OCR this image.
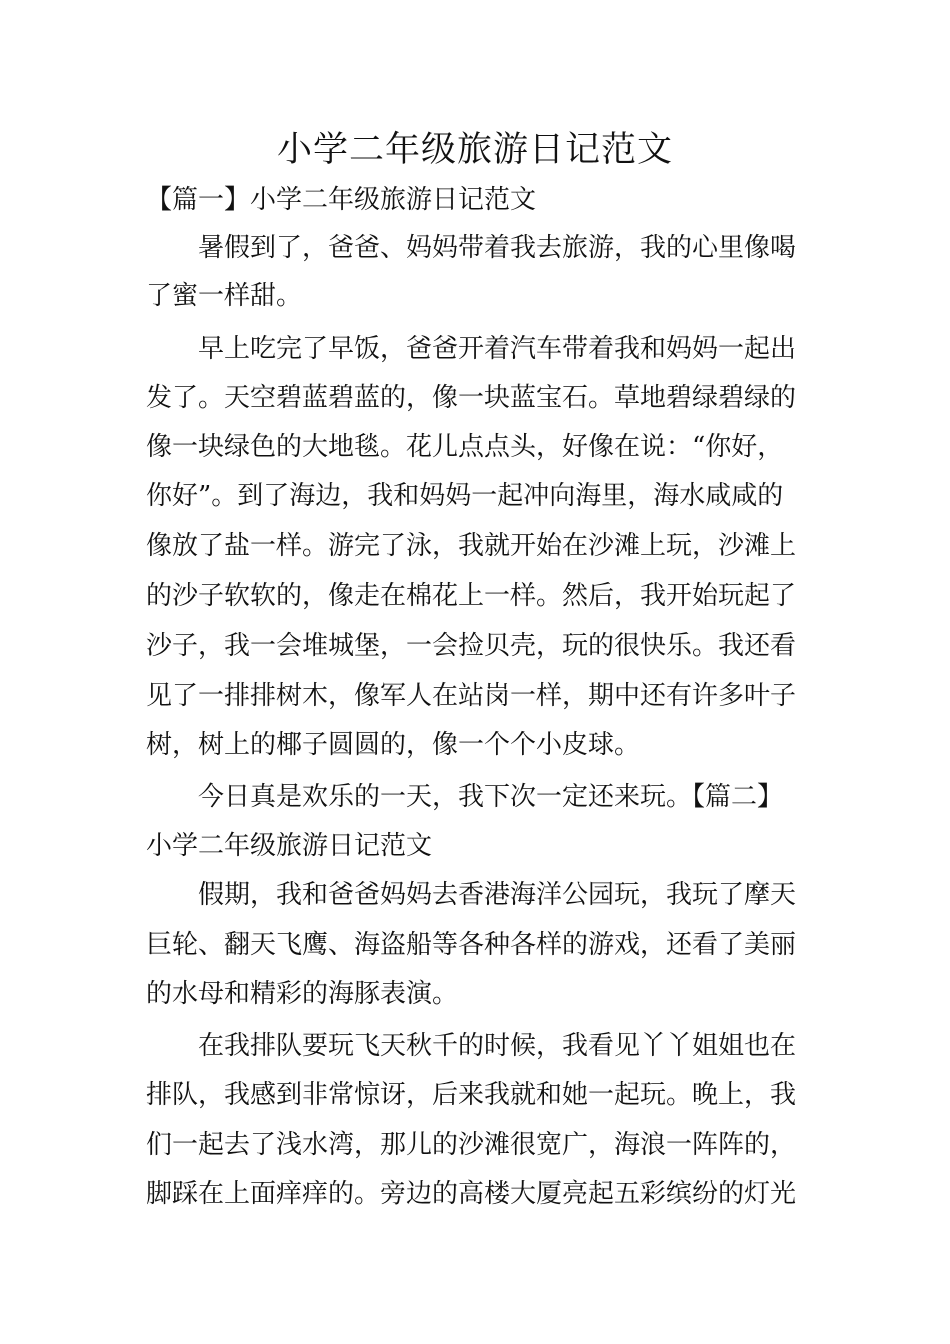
小学二年级旅游日记范文

【篇一】小学二年级旅游日记范文

暑假到了，爸爸、妈妈带着我去旅游，我的心里像喝

了蜜一样甜。

早上吃完了早饭，爸爸开着汽车带着我和妈妈一起出

发了。天空碧蓝碧蓝的，像一块蓝宝石。草地碧绿碧绿的

像一块绿色的大地毯。花儿点点头，好像在说：“你好，

你好”。到了海边，我和妈妈一起冲向海里，海水咸咸的

像放了盐一样。游完了泳，我就开始在沙滩上玩，沙滩上

的沙子软软的，像走在棉花上一样。然后，我开始玩起了

沙子，我一会堆城堡，一会捡贝壳，玩的很快乐。我还看

见了一排排树木，像军人在站岗一样，期中还有许多叶子

树，树上的椰子圆圆的，像一个个小皮球。

今日真是欢乐的一天，我下次一定还来玩。【篇二】

小学二年级旅游日记范文

假期，我和爸爸妈妈去香港海洋公园玩，我玩了摩天

巨轮、翻天飞鹰、海盗船等各种各样的游戏，还看了美丽

的水母和精彩的海豚表演。

在我排队要玩飞天秋千的时候，我看见丫丫姐姐也在

排队，我感到非常惊讶，后来我就和她一起玩。晚上，我

们一起去了浅水湾，那儿的沙滩很宽广，海浪一阵阵的，

脚踩在上面痒痒的。旁边的高楼大厦亮起五彩缤纷的灯光
